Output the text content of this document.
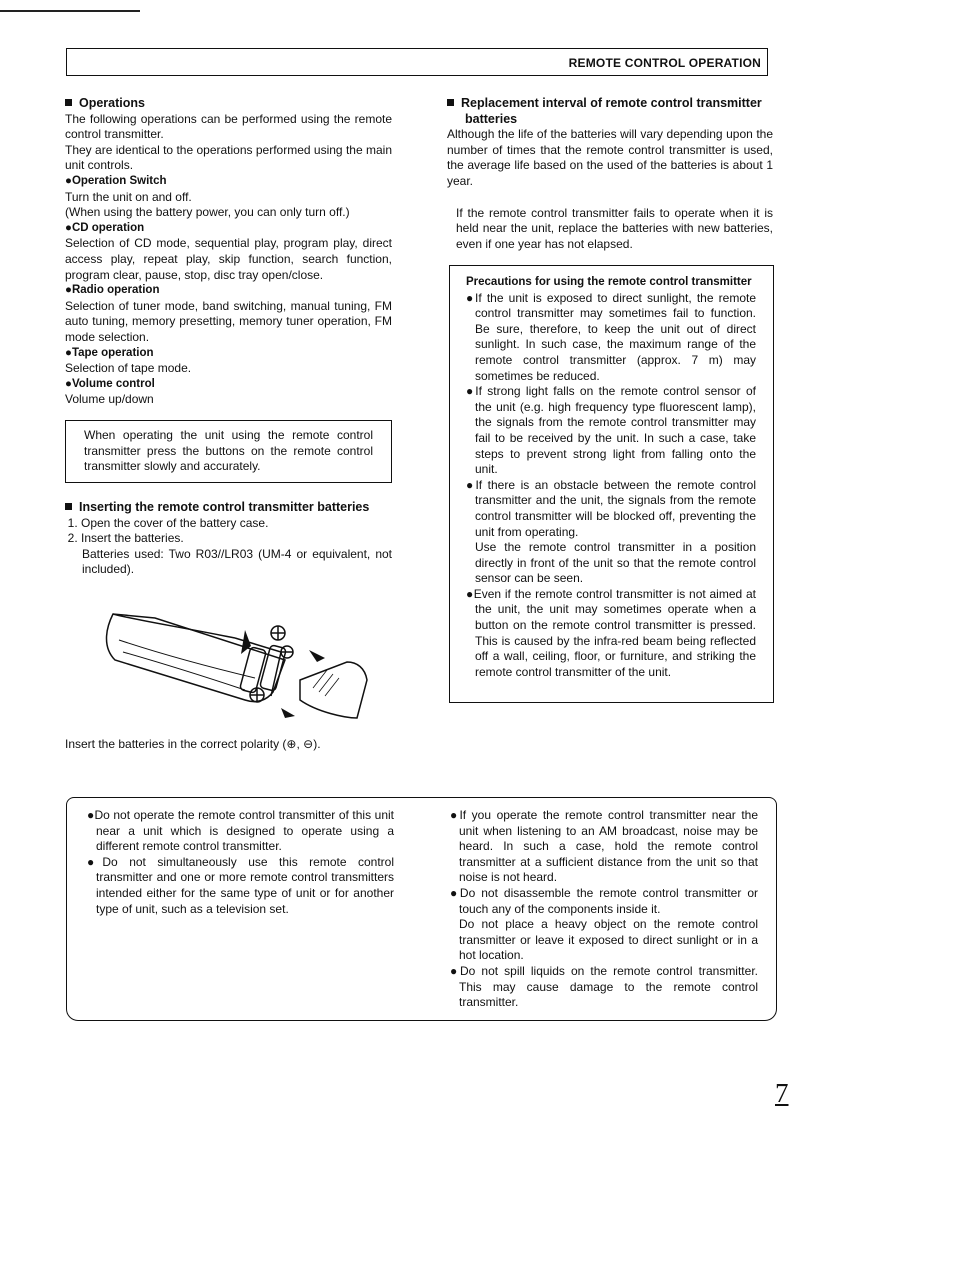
REMOTE CONTROL OPERATION
Operations

The following operations can be performed using the remote control transmitter.

They are identical to the operations performed using the main unit controls.

●Operation Switch

Turn the unit on and off.

(When using the battery power, you can only turn off.)

●CD operation

Selection of CD mode, sequential play, program play, direct access play, repeat play, skip function, search function, program clear, pause, stop, disc tray open/close.

●Radio operation

Selection of tuner mode, band switching, manual tuning, FM auto tuning, memory presetting, memory tuner operation, FM mode selection.

●Tape operation

Selection of tape mode.

●Volume control

Volume up/down

When operating the unit using the remote control transmitter press the buttons on the remote control transmitter slowly and accurately.

Inserting the remote control transmitter batteries
1. Open the cover of the battery case.
2. Insert the batteries.

Batteries used: Two R03//LR03 (UM-4 or equivalent, not included).

Insert the batteries in the correct polarity (⊕, ⊖).
Replacement interval of remote control transmitter batteries

Although the life of the batteries will vary depending upon the number of times that the remote control transmitter is used, the average life based on the used of the batteries is about 1 year.

If the remote control transmitter fails to operate when it is held near the unit, replace the batteries with new batteries, even if one year has not elapsed.

Precautions for using the remote control transmitter
●If the unit is exposed to direct sunlight, the remote control transmitter may sometimes fail to function. Be sure, therefore, to keep the unit out of direct sunlight. In such case, the maximum range of the remote control transmitter (approx. 7 m) may sometimes be reduced.
●If strong light falls on the remote control sensor of the unit (e.g. high frequency type fluorescent lamp), the signals from the remote control transmitter may fail to be received by the unit. In such a case, take steps to prevent strong light from falling onto the unit.
●If there is an obstacle between the remote control transmitter and the unit, the signals from the remote control transmitter will be blocked off, preventing the unit from operating.

Use the remote control transmitter in a position directly in front of the unit so that the remote control sensor can be seen.

●Even if the remote control transmitter is not aimed at the unit, the unit may sometimes operate when a button on the remote control transmitter is pressed. This is caused by the infra-red beam being reflected off a wall, ceiling, floor, or furniture, and striking the remote control transmitter of the unit.
●Do not operate the remote control transmitter of this unit near a unit which is designed to operate using a different remote control transmitter.
●Do not simultaneously use this remote control transmitter and one or more remote control transmitters intended either for the same type of unit or for another type of unit, such as a television set.
●If you operate the remote control transmitter near the unit when listening to an AM broadcast, noise may be heard. In such a case, hold the remote control transmitter at a sufficient distance from the unit so that noise is not heard.
●Do not disassemble the remote control transmitter or touch any of the components inside it.

Do not place a heavy object on the remote control transmitter or leave it exposed to direct sunlight or in a hot location.

●Do not spill liquids on the remote control transmitter. This may cause damage to the remote control transmitter.
7
